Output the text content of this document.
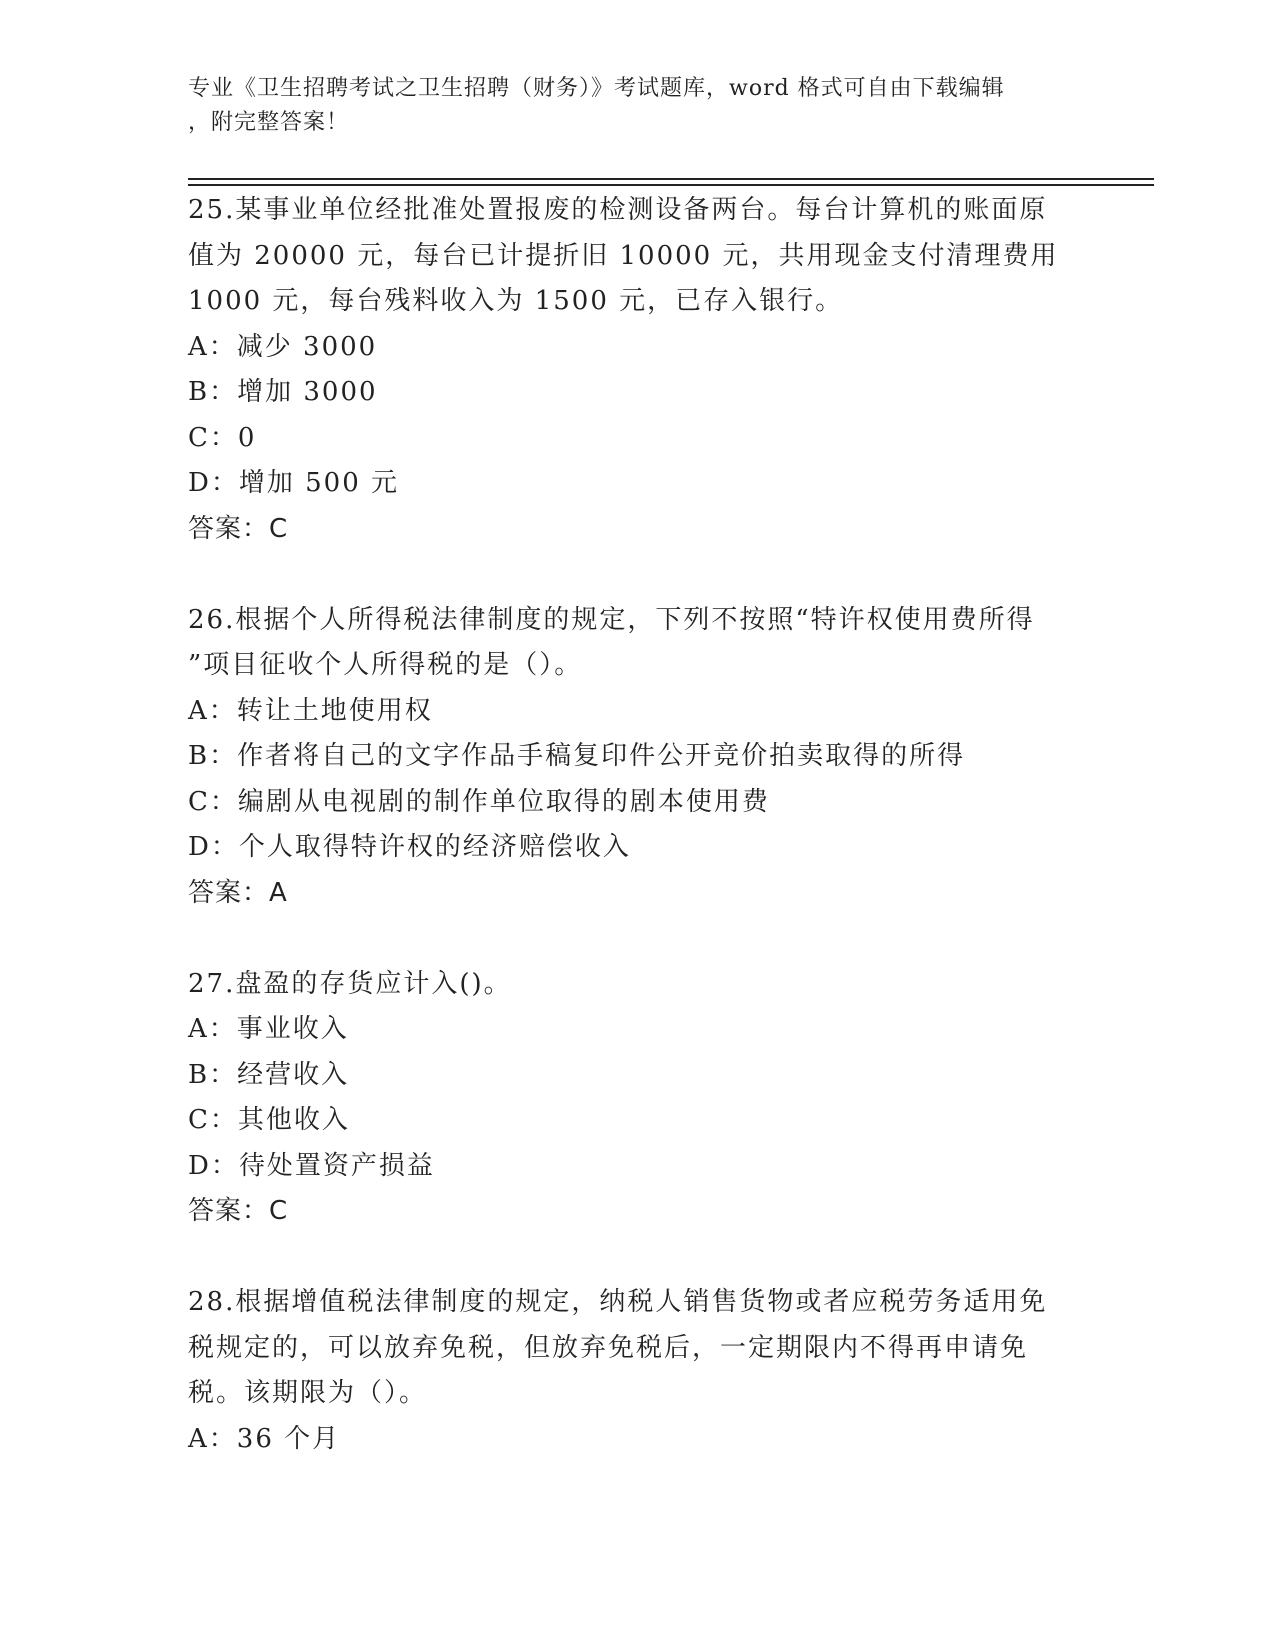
专业《卫生招聘考试之卫生招聘（财务）》考试题库，word 格式可自由下载编辑
，附完整答案！
25.某事业单位经批准处置报废的检测设备两台。每台计算机的账面原
值为 20000 元，每台已计提折旧 10000 元，共用现金支付清理费用
1000 元，每台残料收入为 1500 元，已存入银行。
A：减少 3000
B：增加 3000
C：0
D：增加 500 元
答案：C
26.根据个人所得税法律制度的规定，下列不按照“特许权使用费所得
”项目征收个人所得税的是（）。
A：转让土地使用权
B：作者将自己的文字作品手稿复印件公开竞价拍卖取得的所得
C：编剧从电视剧的制作单位取得的剧本使用费
D：个人取得特许权的经济赔偿收入
答案：A
27.盘盈的存货应计入()。
A：事业收入
B：经营收入
C：其他收入
D：待处置资产损益
答案：C
28.根据增值税法律制度的规定，纳税人销售货物或者应税劳务适用免
税规定的，可以放弃免税，但放弃免税后，一定期限内不得再申请免
税。该期限为（）。
A：36 个月
